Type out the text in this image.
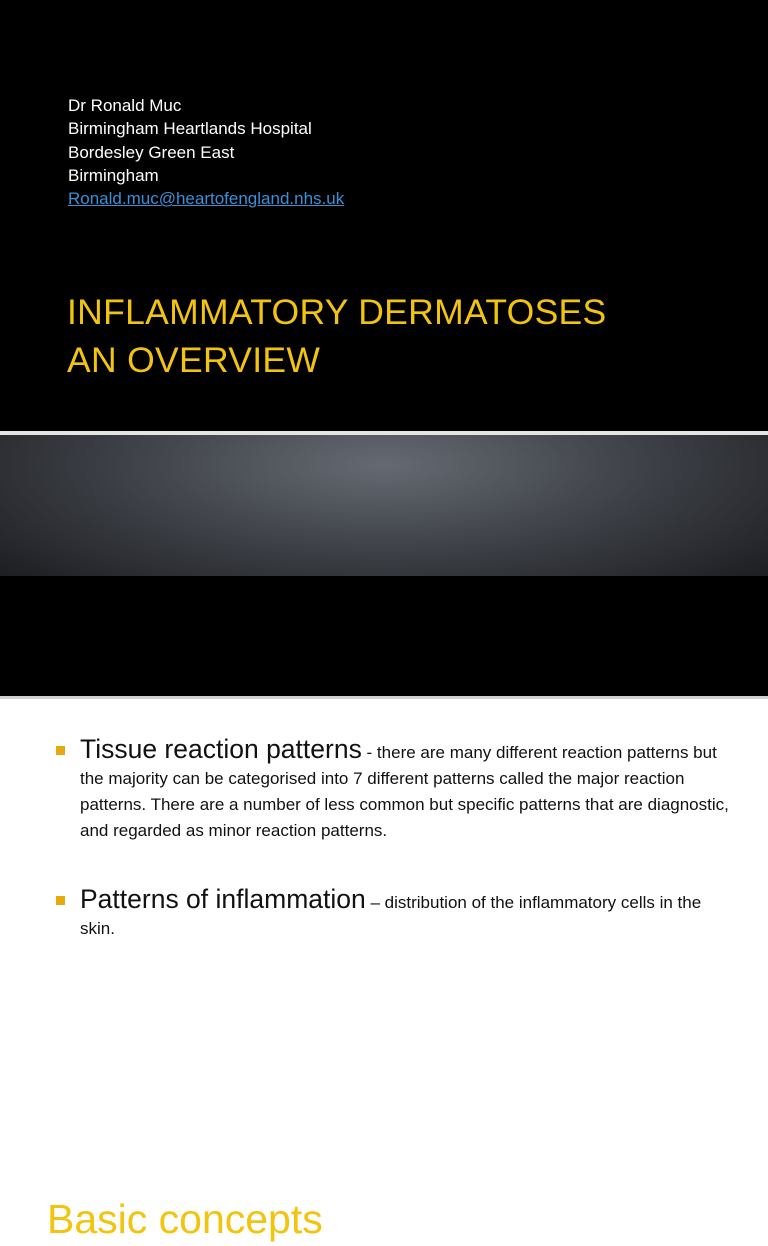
Dr Ronald Muc
Birmingham Heartlands Hospital
Bordesley Green East
Birmingham
Ronald.muc@heartofengland.nhs.uk
INFLAMMATORY DERMATOSES
AN OVERVIEW
Basic concepts
Tissue reaction patterns - there are many different reaction patterns but the majority can be categorised into 7 different patterns called the major reaction patterns. There are a number of less common but specific patterns that are diagnostic, and regarded as minor reaction patterns.
Patterns of inflammation – distribution of the inflammatory cells in the skin.
